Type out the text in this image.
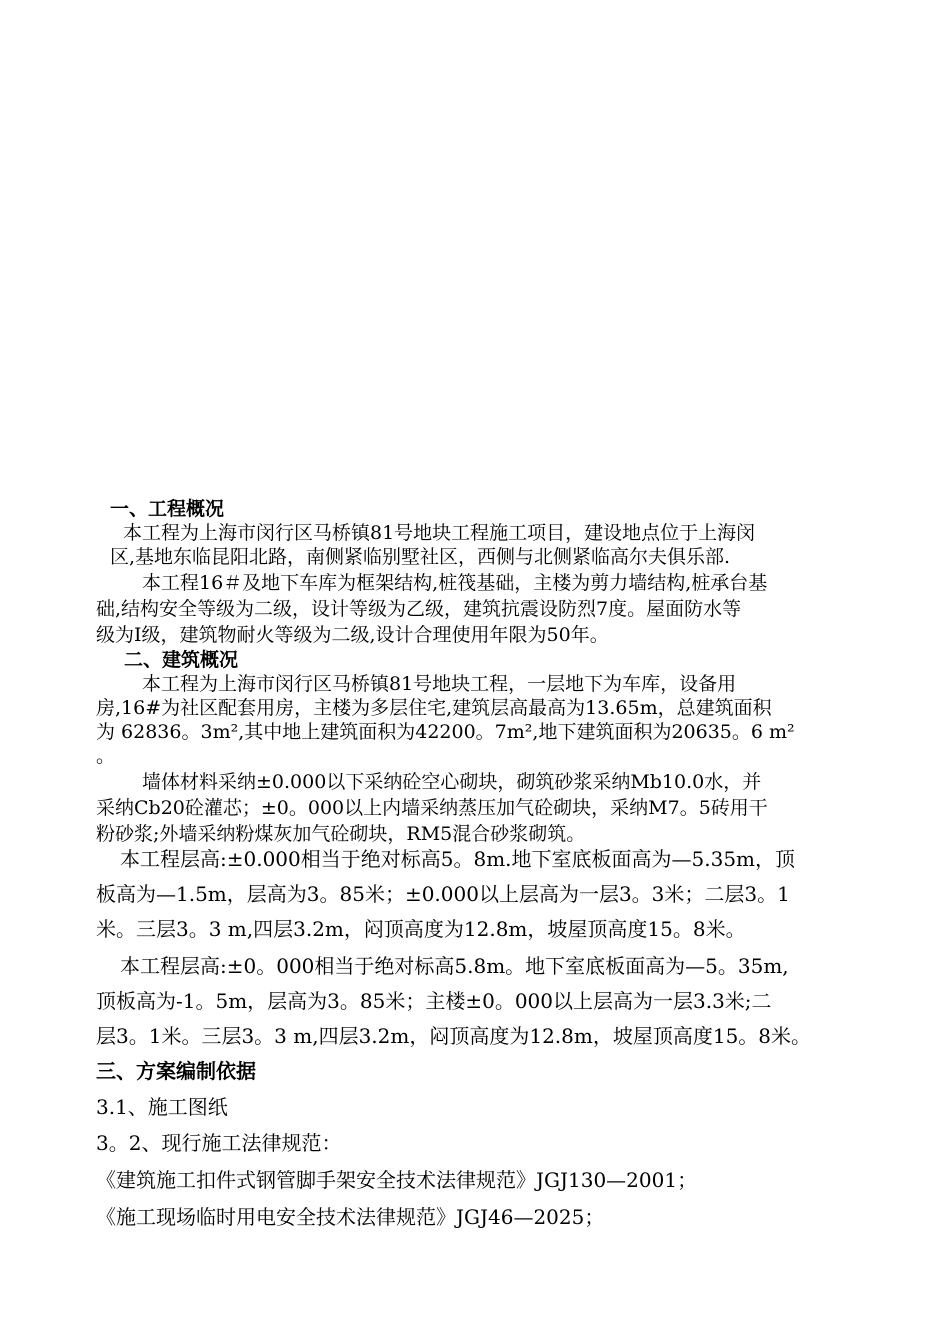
一、工程概况
本工程为上海市闵行区马桥镇81号地块工程施工项目，建设地点位于上海闵
区,基地东临昆阳北路，南侧紧临别墅社区，西侧与北侧紧临高尔夫俱乐部.
本工程16＃及地下车库为框架结构,桩筏基础，主楼为剪力墙结构,桩承台基
础,结构安全等级为二级，设计等级为乙级，建筑抗震设防烈7度。屋面防水等
级为Ⅰ级，建筑物耐火等级为二级,设计合理使用年限为50年。
二、建筑概况
本工程为上海市闵行区马桥镇81号地块工程，一层地下为车库，设备用
房,16#为社区配套用房，主楼为多层住宅,建筑层高最高为13.65m，总建筑面积
为 62836。3m²,其中地上建筑面积为42200。7m²,地下建筑面积为20635。6 m²
。
墙体材料采纳±0.000以下采纳砼空心砌块，砌筑砂浆采纳Mb10.0水，并
采纳Cb20砼灌芯；±0。000以上内墙采纳蒸压加气砼砌块，采纳M7。5砖用干
粉砂浆;外墙采纳粉煤灰加气砼砌块，RM5混合砂浆砌筑。
本工程层高:±0.000相当于绝对标高5。8m.地下室底板面高为—5.35m，顶
板高为—1.5m，层高为3。85米；±0.000以上层高为一层3。3米；二层3。1
米。三层3。3 m,四层3.2m，闷顶高度为12.8m，坡屋顶高度15。8米。
本工程层高:±0。000相当于绝对标高5.8m。地下室底板面高为—5。35m,
顶板高为-1。5m，层高为3。85米；主楼±0。000以上层高为一层3.3米;二
层3。1米。三层3。3 m,四层3.2m，闷顶高度为12.8m，坡屋顶高度15。8米。
三、方案编制依据
3.1、施工图纸
3。2、现行施工法律规范：
《建筑施工扣件式钢管脚手架安全技术法律规范》JGJ130—2001；
《施工现场临时用电安全技术法律规范》JGJ46—2025；
